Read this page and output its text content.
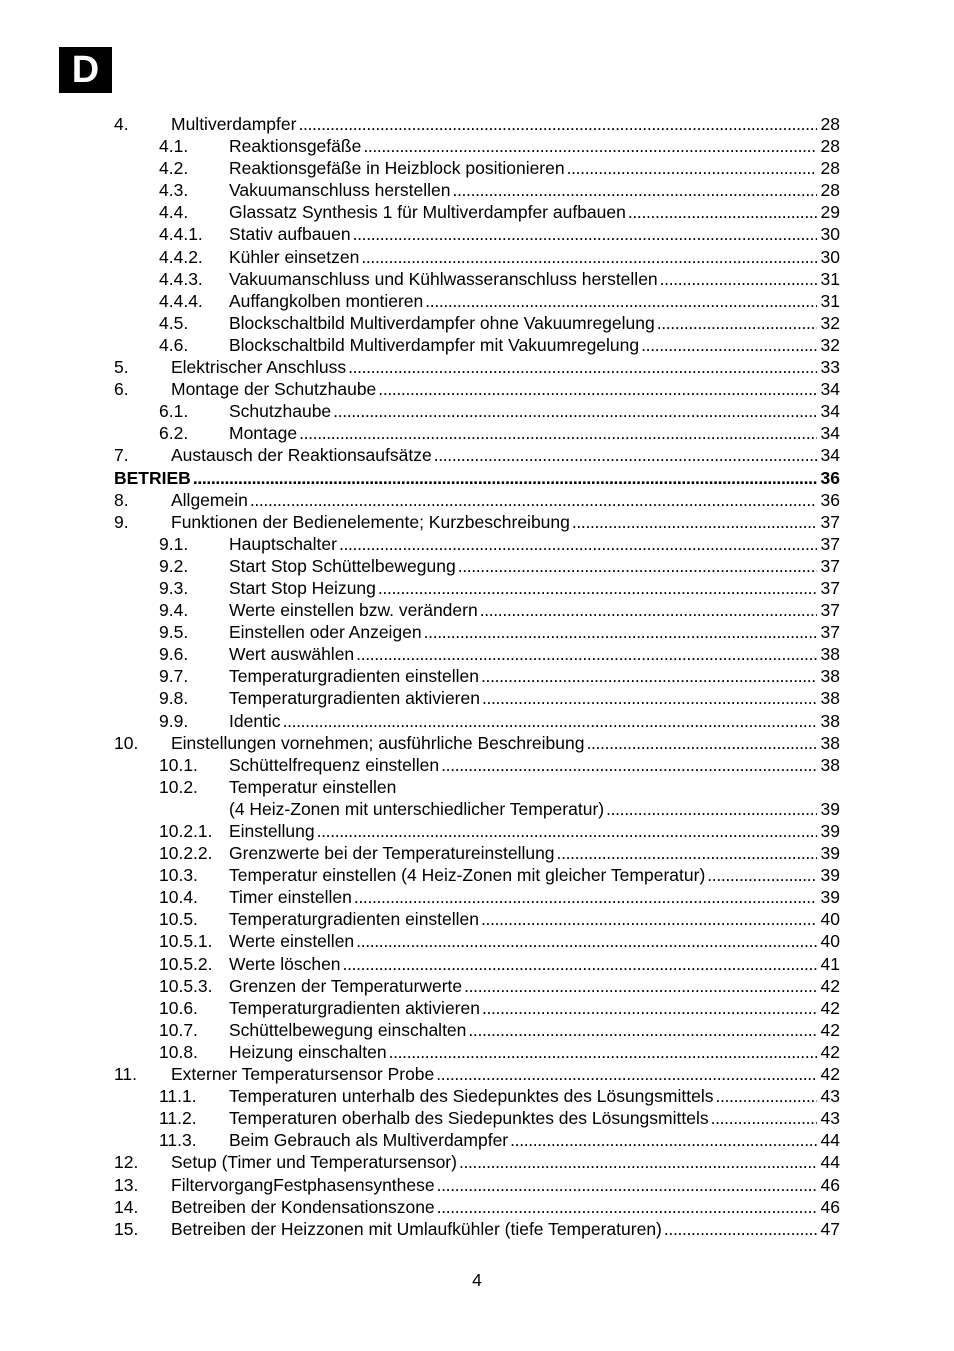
D
4. Multiverdampfer . . .	28
4.1. Reaktionsgefäße . . .	28
4.2. Reaktionsgefäße in Heizblock positionieren . . .	28
4.3. Vakuumanschluss herstellen . . .	28
4.4. Glassatz Synthesis 1 für Multiverdampfer aufbauen . . .	29
4.4.1. Stativ aufbauen . . .	30
4.4.2. Kühler einsetzen . . .	30
4.4.3. Vakuumanschluss und Kühlwasseranschluss herstellen . . .	31
4.4.4. Auffangkolben montieren . . .	31
4.5. Blockschaltbild Multiverdampfer ohne Vakuumregelung . . .	32
4.6. Blockschaltbild Multiverdampfer mit Vakuumregelung . . .	32
5. Elektrischer Anschluss . . .	33
6. Montage der Schutzhaube . . .	34
6.1. Schutzhaube . . .	34
6.2. Montage . . .	34
7. Austausch der Reaktionsaufsätze . . .	34
BETRIEB . . .	36
8. Allgemein . . .	36
9. Funktionen der Bedienelemente; Kurzbeschreibung . . .	37
9.1. Hauptschalter . . .	37
9.2. Start Stop Schüttelbewegung . . .	37
9.3. Start Stop Heizung . . .	37
9.4. Werte einstellen bzw. verändern . . .	37
9.5. Einstellen oder Anzeigen . . .	37
9.6. Wert auswählen . . .	38
9.7. Temperaturgradienten einstellen . . .	38
9.8. Temperaturgradienten aktivieren . . .	38
9.9. Identic . . .	38
10. Einstellungen vornehmen; ausführliche Beschreibung . . .	38
10.1. Schüttelfrequenz einstellen . . .	38
10.2. Temperatur einstellen
(4 Heiz-Zonen mit unterschiedlicher Temperatur) . . .	39
10.2.1. Einstellung . . .	39
10.2.2. Grenzwerte bei der Temperatureinstellung . . .	39
10.3. Temperatur einstellen (4 Heiz-Zonen mit gleicher Temperatur) . . .	39
10.4. Timer einstellen . . .	39
10.5. Temperaturgradienten einstellen . . .	40
10.5.1. Werte einstellen . . .	40
10.5.2. Werte löschen . . .	41
10.5.3. Grenzen der Temperaturwerte . . .	42
10.6. Temperaturgradienten aktivieren . . .	42
10.7. Schüttelbewegung einschalten . . .	42
10.8. Heizung einschalten . . .	42
11. Externer Temperatursensor Probe . . .	42
11.1. Temperaturen unterhalb des Siedepunktes des Lösungsmittels . . .	43
11.2. Temperaturen oberhalb des Siedepunktes des Lösungsmittels . . .	43
11.3. Beim Gebrauch als Multiverdampfer . . .	44
12. Setup (Timer und Temperatursensor) . . .	44
13. FiltervorgangFestphasensynthese . . .	46
14. Betreiben der Kondensationszone . . .	46
15. Betreiben der Heizzonen mit Umlaufkühler (tiefe Temperaturen) . . .	47
4
